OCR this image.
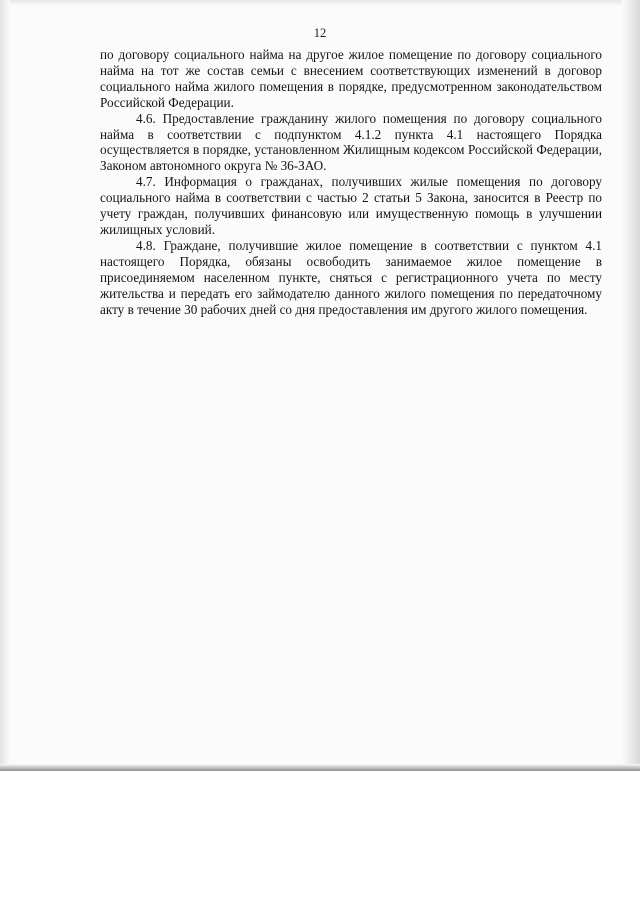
12

по договору социального найма на другое жилое помещение по договору социального найма на тот же состав семьи с внесением соответствующих изменений в договор социального найма жилого помещения в порядке, предусмотренном законодательством Российской Федерации.

4.6. Предоставление гражданину жилого помещения по договору социального найма в соответствии с подпунктом 4.1.2 пункта 4.1 настоящего Порядка осуществляется в порядке, установленном Жилищным кодексом Российской Федерации, Законом автономного округа № 36-ЗАО.

4.7. Информация о гражданах, получивших жилые помещения по договору социального найма в соответствии с частью 2 статьи 5 Закона, заносится в Реестр по учету граждан, получивших финансовую или имущественную помощь в улучшении жилищных условий.

4.8. Граждане, получившие жилое помещение в соответствии с пунктом 4.1 настоящего Порядка, обязаны освободить занимаемое жилое помещение в присоединяемом населенном пункте, сняться с регистрационного учета по месту жительства и передать его займодателю данного жилого помещения по передаточному акту в течение 30 рабочих дней со дня предоставления им другого жилого помещения.
